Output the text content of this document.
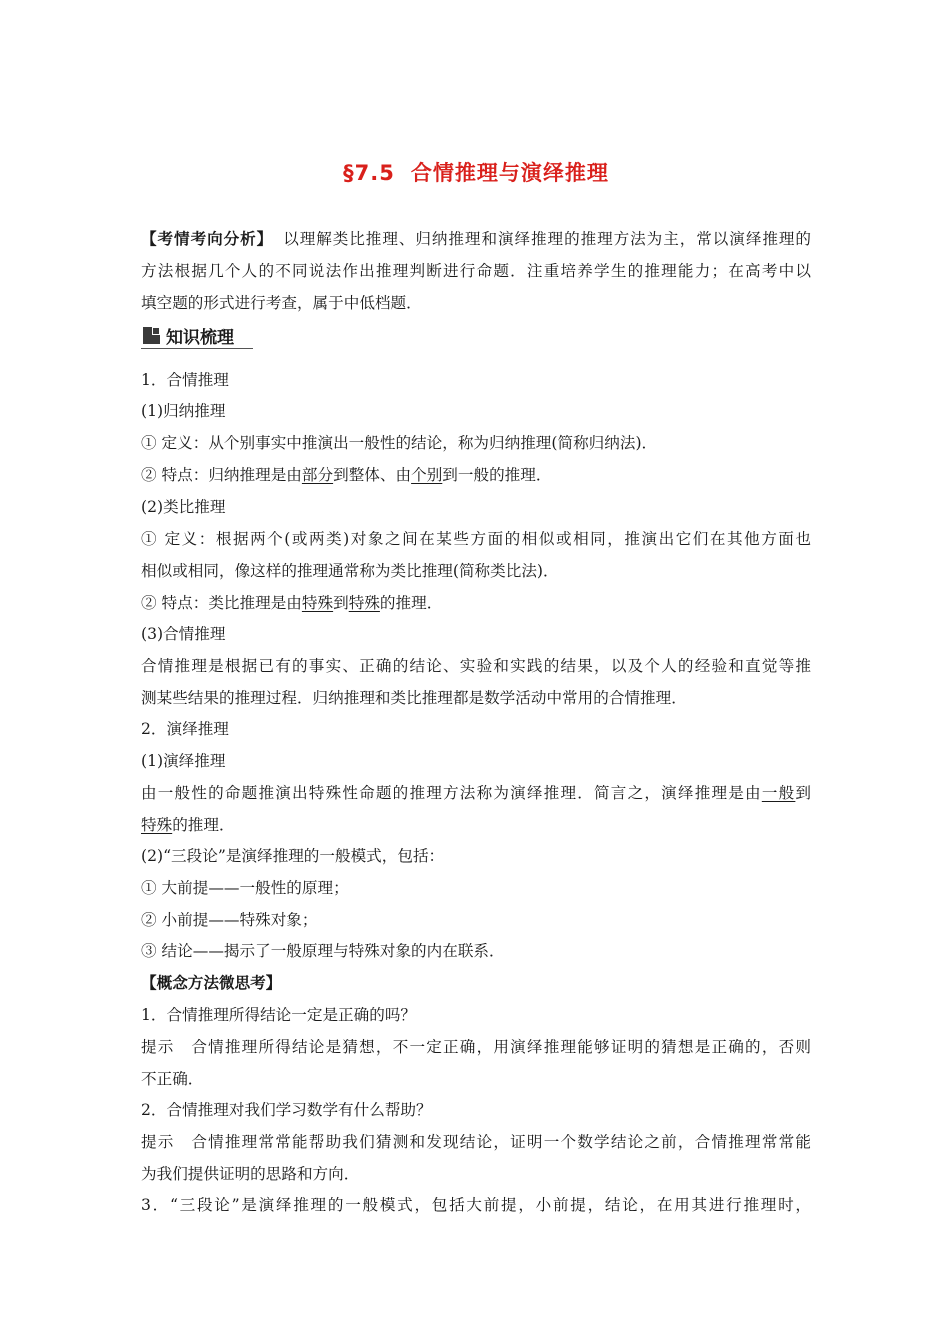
§7.5 合情推理与演绎推理
【考情考向分析】 以理解类比推理、归纳推理和演绎推理的推理方法为主，常以演绎推理的
方法根据几个人的不同说法作出推理判断进行命题．注重培养学生的推理能力；在高考中以
填空题的形式进行考查，属于中低档题．
知识梳理
1．合情推理
(1)归纳推理
① 定义：从个别事实中推演出一般性的结论，称为归纳推理(简称归纳法)．
② 特点：归纳推理是由部分到整体、由个别到一般的推理．
(2)类比推理
① 定义：根据两个(或两类)对象之间在某些方面的相似或相同，推演出它们在其他方面也
相似或相同，像这样的推理通常称为类比推理(简称类比法)．
② 特点：类比推理是由特殊到特殊的推理．
(3)合情推理
合情推理是根据已有的事实、正确的结论、实验和实践的结果，以及个人的经验和直觉等推
测某些结果的推理过程．归纳推理和类比推理都是数学活动中常用的合情推理．
2．演绎推理
(1)演绎推理
由一般性的命题推演出特殊性命题的推理方法称为演绎推理．简言之，演绎推理是由一般到
特殊的推理．
(2)“三段论”是演绎推理的一般模式，包括：
① 大前提——一般性的原理；
② 小前提——特殊对象；
③ 结论——揭示了一般原理与特殊对象的内在联系．
【概念方法微思考】
1．合情推理所得结论一定是正确的吗？
提示　合情推理所得结论是猜想，不一定正确，用演绎推理能够证明的猜想是正确的，否则
不正确．
2．合情推理对我们学习数学有什么帮助？
提示　合情推理常常能帮助我们猜测和发现结论，证明一个数学结论之前，合情推理常常能
为我们提供证明的思路和方向．
3．“三段论”是演绎推理的一般模式，包括大前提，小前提，结论，在用其进行推理时，
